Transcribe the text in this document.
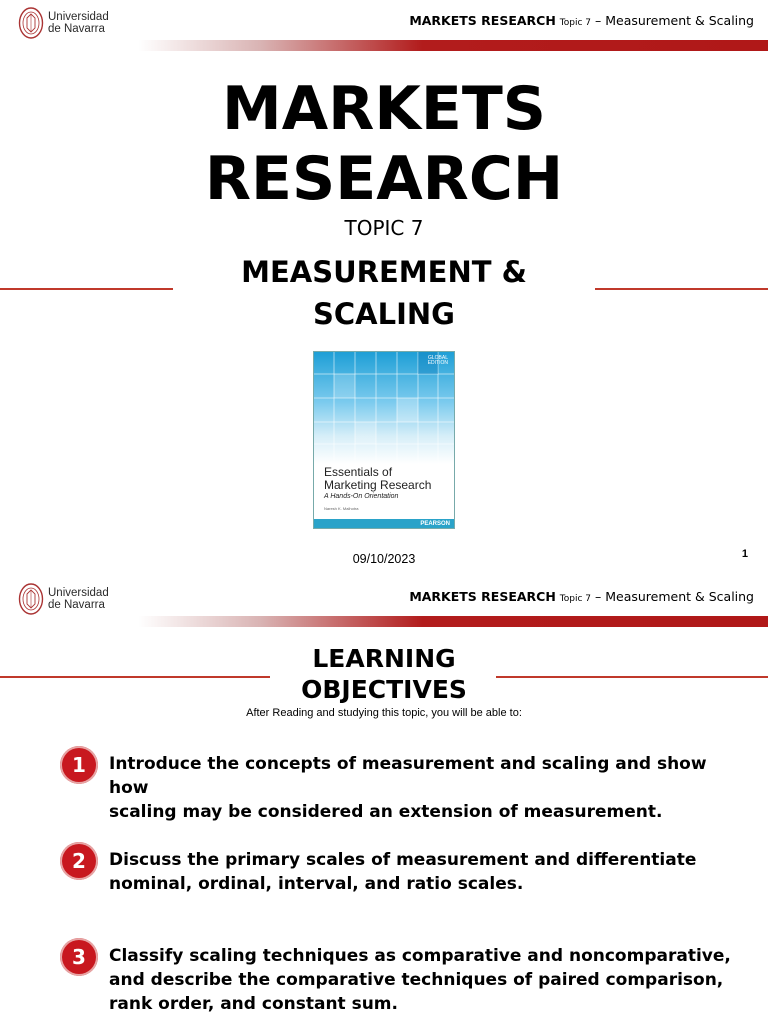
Universidad
de Navarra
MARKETS RESEARCH Topic 7 – Measurement & Scaling
MARKETS
RESEARCH
TOPIC 7
MEASUREMENT &
SCALING
GLOBAL
EDITION
Essentials of
Marketing Research
A Hands-On Orientation
Naresh K. Malhotra
PEARSON
09/10/2023	1
Universidad
de Navarra
MARKETS RESEARCH Topic 7 – Measurement & Scaling
LEARNING
OBJECTIVES
After Reading and studying this topic, you will be able to:
1	Introduce the concepts of measurement and scaling and show how
scaling may be considered an extension of measurement.
2	Discuss the primary scales of measurement and differentiate
nominal, ordinal, interval, and ratio scales.
3	Classify scaling techniques as comparative and noncomparative,
and describe the comparative techniques of paired comparison,
rank order, and constant sum.
